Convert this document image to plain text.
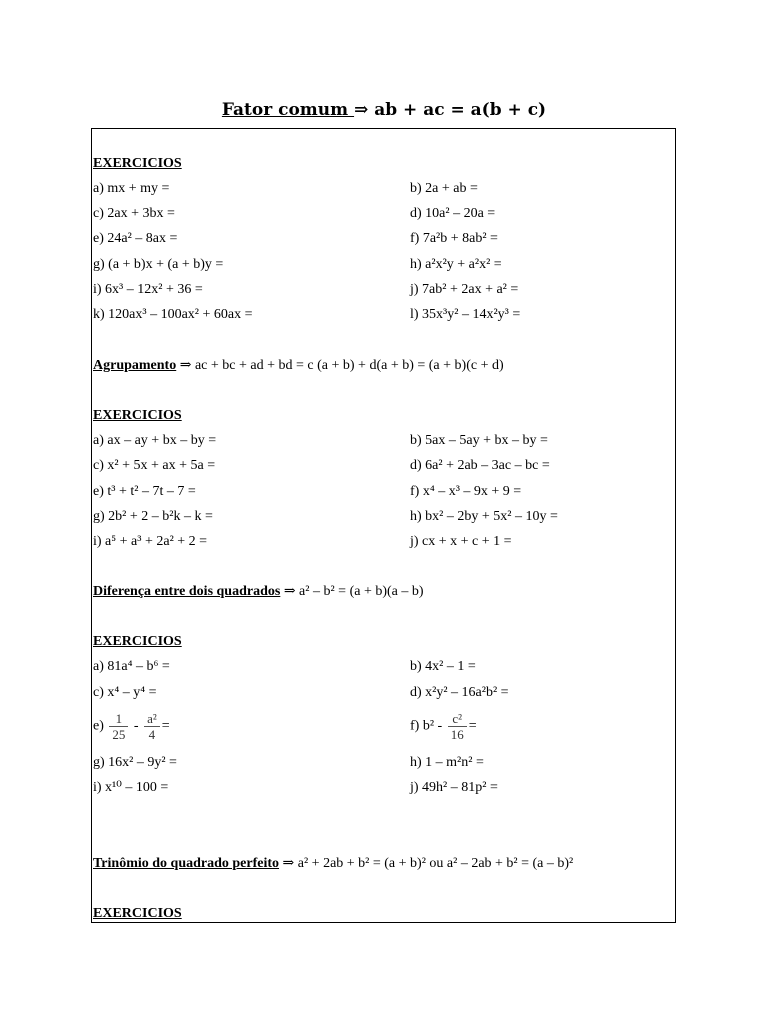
Fator comum ⇒ ab + ac = a(b + c)
EXERCICIOS
a) mx + my =	b) 2a + ab =
c) 2ax + 3bx =	d) 10a² – 20a =
e) 24a² – 8ax =	f) 7a²b + 8ab² =
g) (a + b)x + (a + b)y =	h) a²x²y + a²x² =
i) 6x³ – 12x² + 36 =	j) 7ab² + 2ax + a² =
k) 120ax³ – 100ax² + 60ax =	l) 35x³y² – 14x²y³ =
Agrupamento ⇒ ac + bc + ad + bd = c (a + b) + d(a + b) = (a + b)(c + d)
EXERCICIOS
a) ax – ay + bx – by =	b) 5ax – 5ay + bx – by =
c) x² + 5x + ax + 5a =	d) 6a² + 2ab – 3ac – bc =
e) t³ + t² – 7t – 7 =	f) x⁴ – x³ – 9x + 9 =
g) 2b² + 2 – b²k – k =	h) bx² – 2by + 5x² – 10y =
i) a⁵ + a³ + 2a² + 2 =	j) cx + x + c + 1 =
Diferença entre dois quadrados ⇒ a² – b² = (a + b)(a – b)
EXERCICIOS
a) 81a⁴ – b⁶ =	b) 4x² – 1 =
c) x⁴ – y⁴ =	d) x²y² – 16a²b² =
$e) \frac{1}{25} - \frac{\text{a²}}{4}$ =	f) $b^2 - \frac{\text{c²}}{16}$ =
g) 16x² – 9y² =	h) 1 – m²n² =
i) x¹⁰ – 100 =	j) 49h² – 81p² =
Trinômio do quadrado perfeito ⇒ a² + 2ab + b² = (a + b)² ou a² – 2ab + b² = (a – b)²
EXERCICIOS
